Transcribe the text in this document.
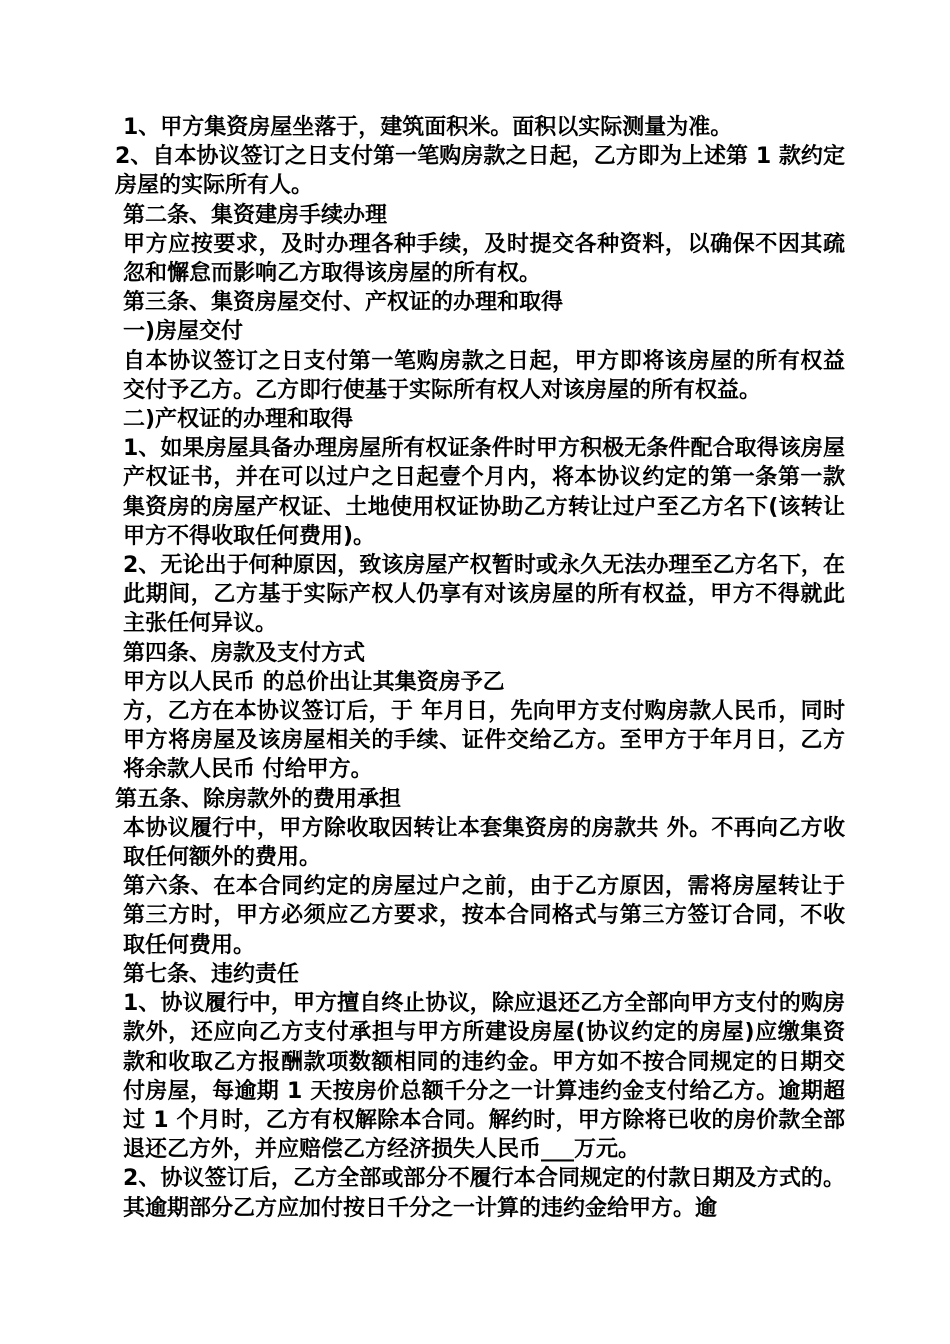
1、甲方集资房屋坐落于，建筑面积米。面积以实际测量为准。

2、自本协议签订之日支付第一笔购房款之日起，乙方即为上述第 1 款约定房屋的实际所有人。

第二条、集资建房手续办理

甲方应按要求，及时办理各种手续，及时提交各种资料，以确保不因其疏忽和懈怠而影响乙方取得该房屋的所有权。

第三条、集资房屋交付、产权证的办理和取得

一)房屋交付

自本协议签订之日支付第一笔购房款之日起，甲方即将该房屋的所有权益交付予乙方。乙方即行使基于实际所有权人对该房屋的所有权益。

二)产权证的办理和取得

1、如果房屋具备办理房屋所有权证条件时甲方积极无条件配合取得该房屋产权证书，并在可以过户之日起壹个月内，将本协议约定的第一条第一款集资房的房屋产权证、土地使用权证协助乙方转让过户至乙方名下(该转让甲方不得收取任何费用)。

2、无论出于何种原因，致该房屋产权暂时或永久无法办理至乙方名下，在此期间，乙方基于实际产权人仍享有对该房屋的所有权益，甲方不得就此主张任何异议。

第四条、房款及支付方式

甲方以人民币 的总价出让其集资房予乙

方，乙方在本协议签订后，于 年月日，先向甲方支付购房款人民币，同时甲方将房屋及该房屋相关的手续、证件交给乙方。至甲方于年月日，乙方将余款人民币 付给甲方。

第五条、除房款外的费用承担

本协议履行中，甲方除收取因转让本套集资房的房款共 外。不再向乙方收取任何额外的费用。

第六条、在本合同约定的房屋过户之前，由于乙方原因，需将房屋转让于第三方时，甲方必须应乙方要求，按本合同格式与第三方签订合同，不收取任何费用。

第七条、违约责任

1、协议履行中，甲方擅自终止协议，除应退还乙方全部向甲方支付的购房款外，还应向乙方支付承担与甲方所建设房屋(协议约定的房屋)应缴集资款和收取乙方报酬款项数额相同的违约金。甲方如不按合同规定的日期交付房屋，每逾期 1 天按房价总额千分之一计算违约金支付给乙方。逾期超过 1 个月时，乙方有权解除本合同。解约时，甲方除将已收的房价款全部退还乙方外，并应赔偿乙方经济损失人民币___万元。

2、协议签订后，乙方全部或部分不履行本合同规定的付款日期及方式的。其逾期部分乙方应加付按日千分之一计算的违约金给甲方。逾
